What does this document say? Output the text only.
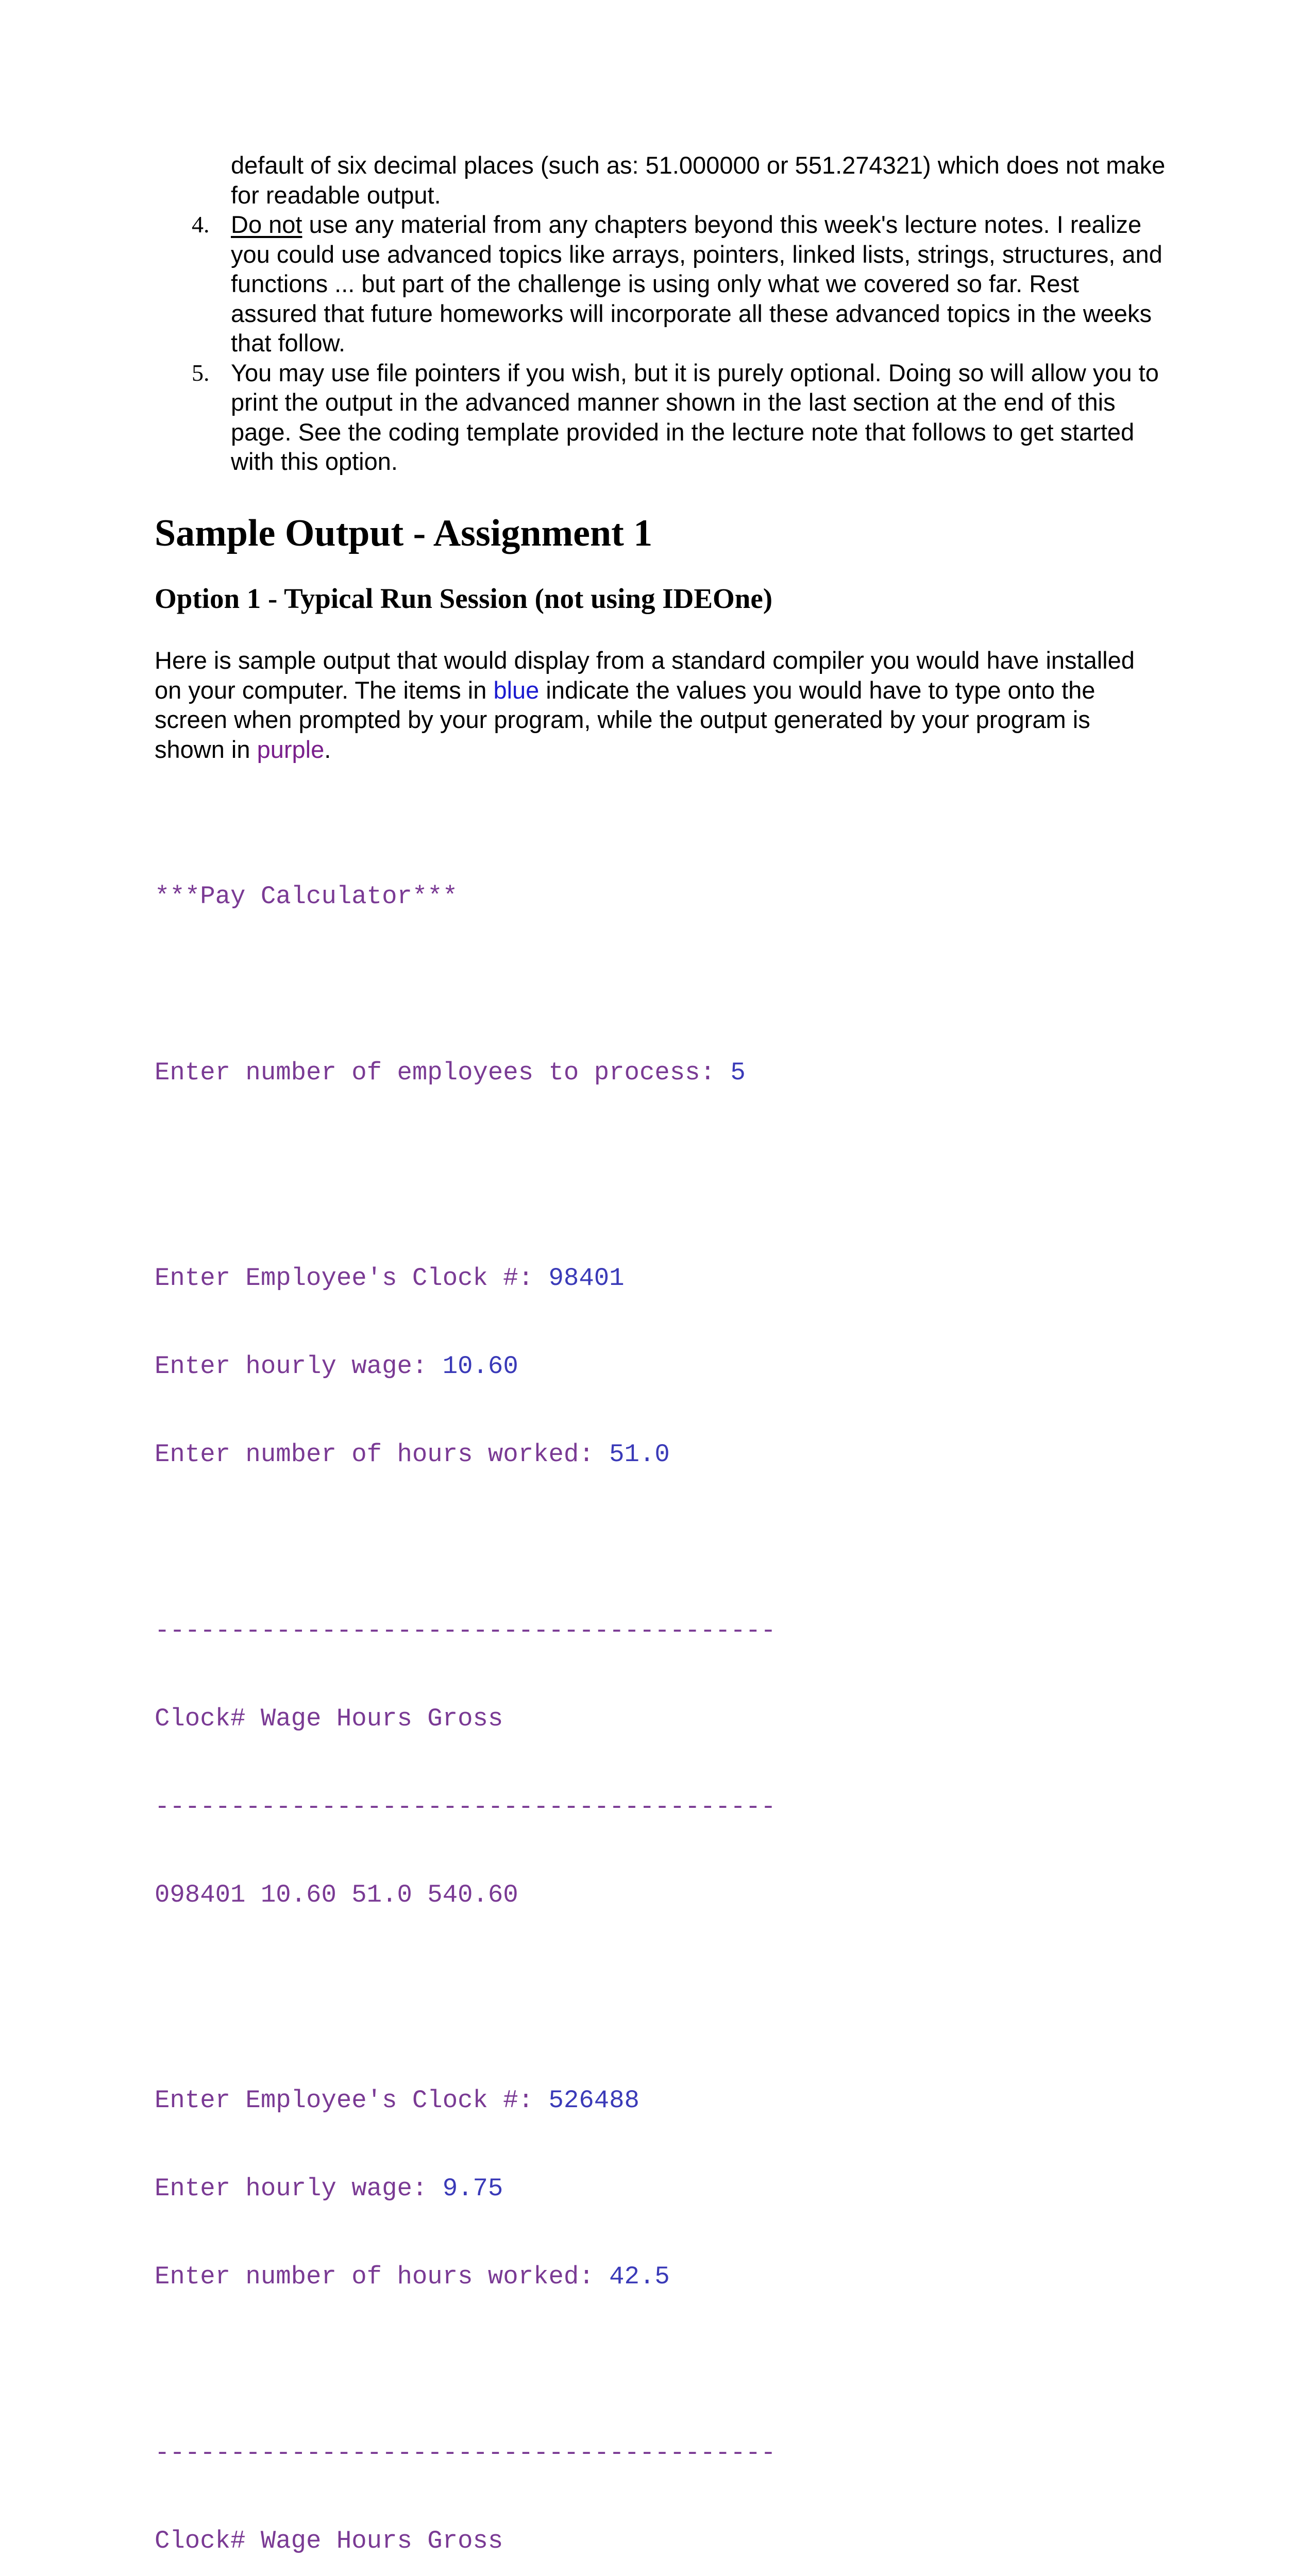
default of six decimal places (such as: 51.000000 or 551.274321) which does not make for readable output.
4. Do not use any material from any chapters beyond this week's lecture notes. I realize you could use advanced topics like arrays, pointers, linked lists, strings, structures, and functions ... but part of the challenge is using only what we covered so far. Rest assured that future homeworks will incorporate all these advanced topics in the weeks that follow.
5. You may use file pointers if you wish, but it is purely optional. Doing so will allow you to print the output in the advanced manner shown in the last section at the end of this page. See the coding template provided in the lecture note that follows to get started with this option.
Sample Output - Assignment 1
Option 1 - Typical Run Session (not using IDEOne)

Here is sample output that would display from a standard compiler you would have installed on your computer. The items in blue indicate the values you would have to type onto the screen when prompted by your program, while the output generated by your program is shown in purple.

***Pay Calculator***

Enter number of employees to process: 5

Enter Employee's Clock #: 98401

Enter hourly wage: 10.60

Enter number of hours worked: 51.0

-----------------------------------------

Clock# Wage Hours Gross

-----------------------------------------

098401 10.60 51.0 540.60

Enter Employee's Clock #: 526488

Enter hourly wage: 9.75

Enter number of hours worked: 42.5

-----------------------------------------

Clock# Wage Hours Gross
